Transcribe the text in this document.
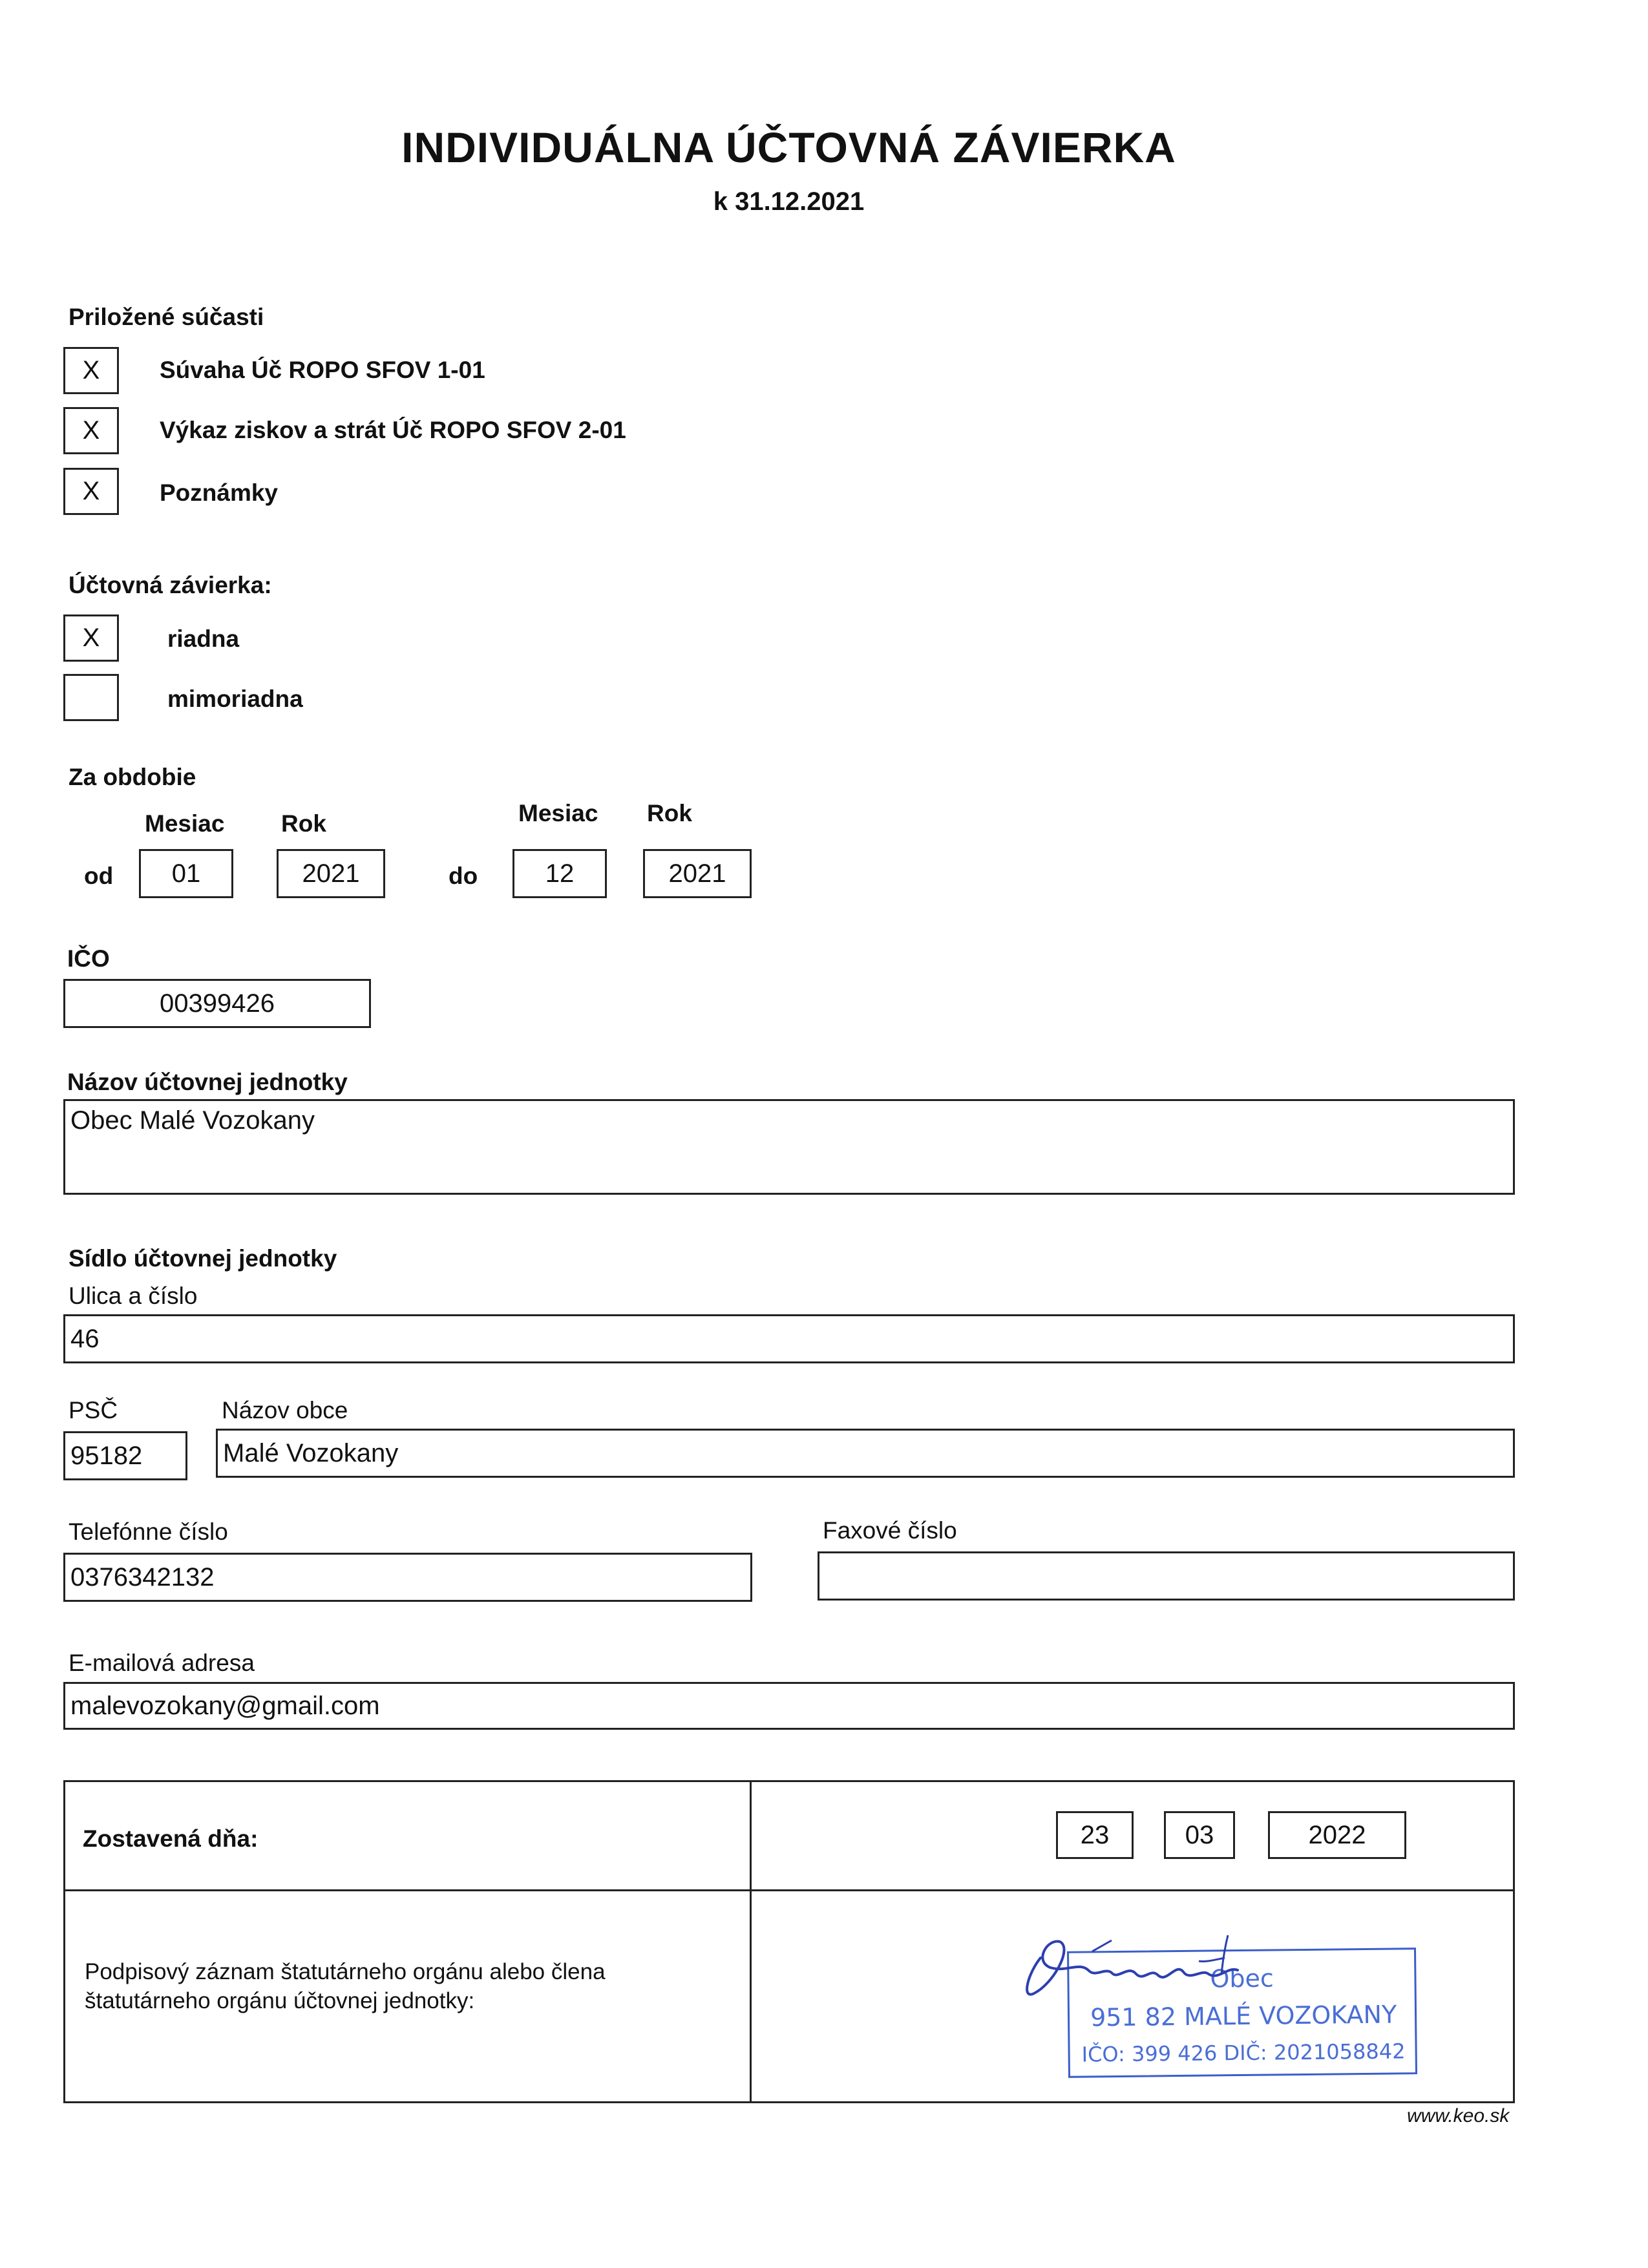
INDIVIDUÁLNA ÚČTOVNÁ ZÁVIERKA
k 31.12.2021
Priložené súčasti
X	Súvaha Úč ROPO SFOV 1-01
X	Výkaz ziskov a strát Úč ROPO SFOV 2-01
X	Poznámky
Účtovná závierka:
X	riadna
mimoriadna
Za obdobie
Mesiac Rok	Mesiac Rok
od	01	2021	do	12	2021
IČO
00399426
Názov účtovnej jednotky
Obec Malé Vozokany
Sídlo účtovnej jednotky
Ulica a číslo
46
PSČ	Názov obce
95182	Malé Vozokany
Telefónne číslo	Faxové číslo
0376342132
E-mailová adresa
malevozokany@gmail.com
Zostavená dňa:	23	03	2022
Podpisový záznam štatutárneho orgánu alebo člena
štatutárneho orgánu účtovnej jednotky:
Obec
951 82 MALÉ VOZOKANY
IČO: 399 426 DIČ: 2021058842
www.keo.sk
